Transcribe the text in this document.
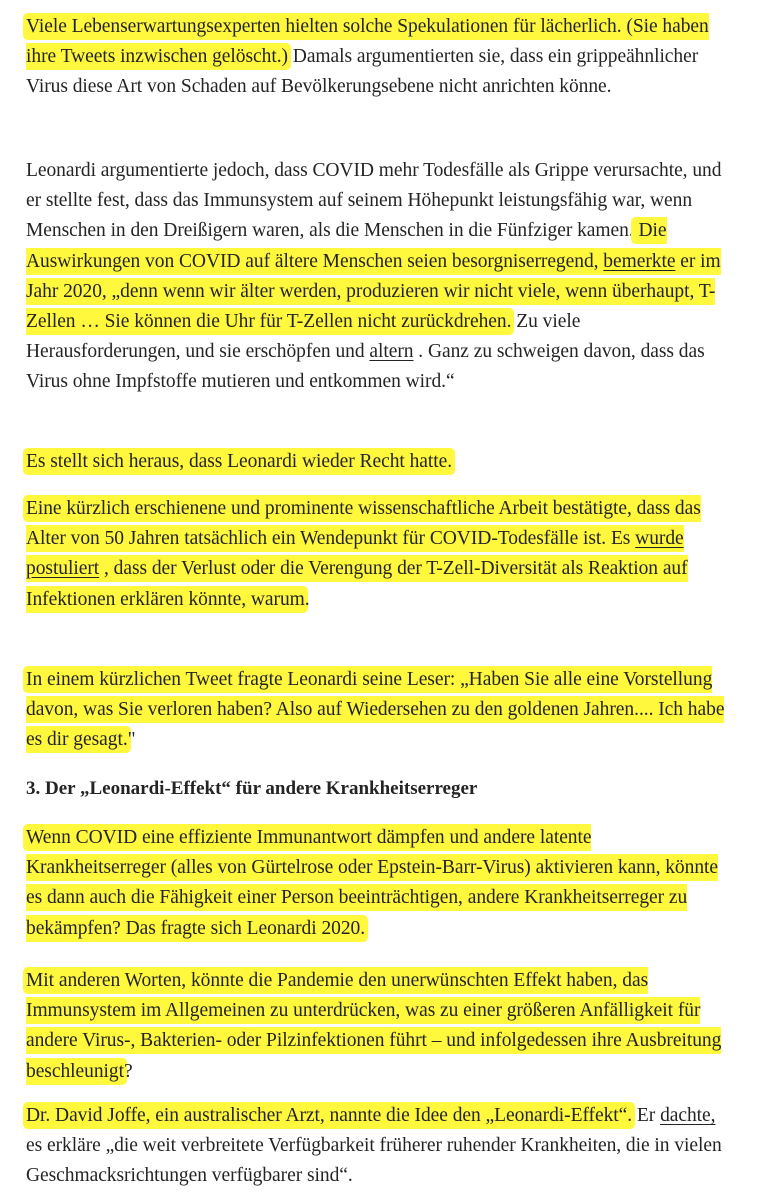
Viele Lebenserwartungsexperten hielten solche Spekulationen für lächerlich. (Sie haben ihre Tweets inzwischen gelöscht.) Damals argumentierten sie, dass ein grippeähnlicher Virus diese Art von Schaden auf Bevölkerungsebene nicht anrichten könne.

Leonardi argumentierte jedoch, dass COVID mehr Todesfälle als Grippe verursachte, und er stellte fest, dass das Immunsystem auf seinem Höhepunkt leistungsfähig war, wenn Menschen in den Dreißigern waren, als die Menschen in die Fünfziger kamen. Die Auswirkungen von COVID auf ältere Menschen seien besorgniserregend, bemerkte er im Jahr 2020, „denn wenn wir älter werden, produzieren wir nicht viele, wenn überhaupt, T-Zellen … Sie können die Uhr für T-Zellen nicht zurückdrehen. Zu viele Herausforderungen, und sie erschöpfen und altern . Ganz zu schweigen davon, dass das Virus ohne Impfstoffe mutieren und entkommen wird.“

Es stellt sich heraus, dass Leonardi wieder Recht hatte.

Eine kürzlich erschienene und prominente wissenschaftliche Arbeit bestätigte, dass das Alter von 50 Jahren tatsächlich ein Wendepunkt für COVID-Todesfälle ist. Es wurde postuliert , dass der Verlust oder die Verengung der T-Zell-Diversität als Reaktion auf Infektionen erklären könnte, warum.

In einem kürzlichen Tweet fragte Leonardi seine Leser: „Haben Sie alle eine Vorstellung davon, was Sie verloren haben? Also auf Wiedersehen zu den goldenen Jahren.... Ich habe es dir gesagt."

3. Der „Leonardi-Effekt“ für andere Krankheitserreger

Wenn COVID eine effiziente Immunantwort dämpfen und andere latente Krankheitserreger (alles von Gürtelrose oder Epstein-Barr-Virus) aktivieren kann, könnte es dann auch die Fähigkeit einer Person beeinträchtigen, andere Krankheitserreger zu bekämpfen? Das fragte sich Leonardi 2020.

Mit anderen Worten, könnte die Pandemie den unerwünschten Effekt haben, das Immunsystem im Allgemeinen zu unterdrücken, was zu einer größeren Anfälligkeit für andere Virus-, Bakterien- oder Pilzinfektionen führt – und infolgedessen ihre Ausbreitung beschleunigt?

Dr. David Joffe, ein australischer Arzt, nannte die Idee den „Leonardi-Effekt“. Er dachte, es erkläre „die weit verbreitete Verfügbarkeit früherer ruhender Krankheiten, die in vielen Geschmacksrichtungen verfügbarer sind“.
